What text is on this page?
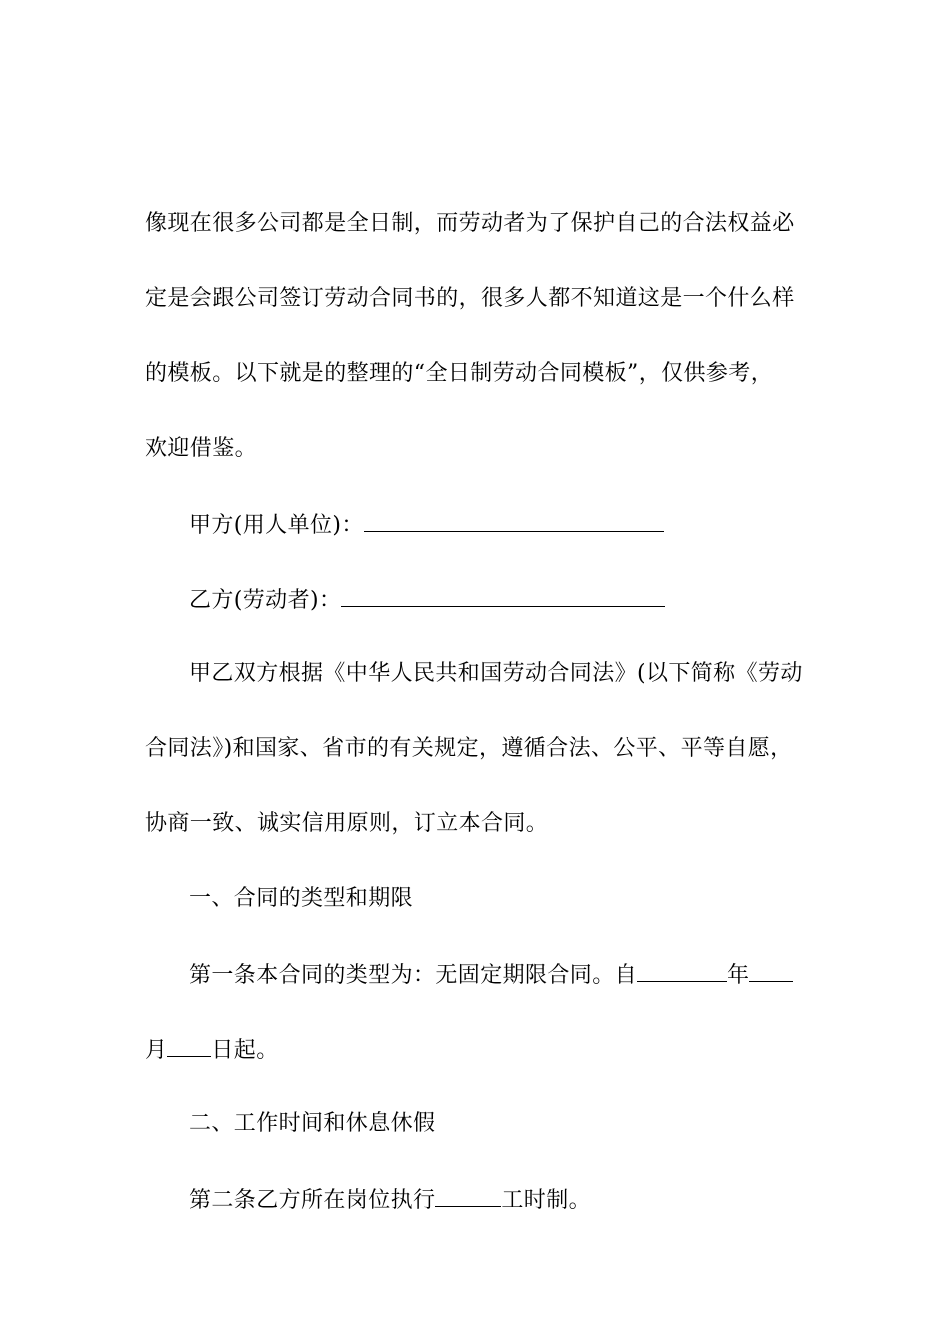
像现在很多公司都是全日制，而劳动者为了保护自己的合法权益必
定是会跟公司签订劳动合同书的，很多人都不知道这是一个什么样
的模板。以下就是的整理的“全日制劳动合同模板”，仅供参考，
欢迎借鉴。
甲方(用人单位)：
乙方(劳动者)：
甲乙双方根据《中华人民共和国劳动合同法》(以下简称《劳动
合同法》)和国家、省市的有关规定，遵循合法、公平、平等自愿，
协商一致、诚实信用原则，订立本合同。
一、合同的类型和期限
第一条本合同的类型为：无固定期限合同。自	年
月 日起。
二、工作时间和休息休假
第二条乙方所在岗位执行	工时制。
